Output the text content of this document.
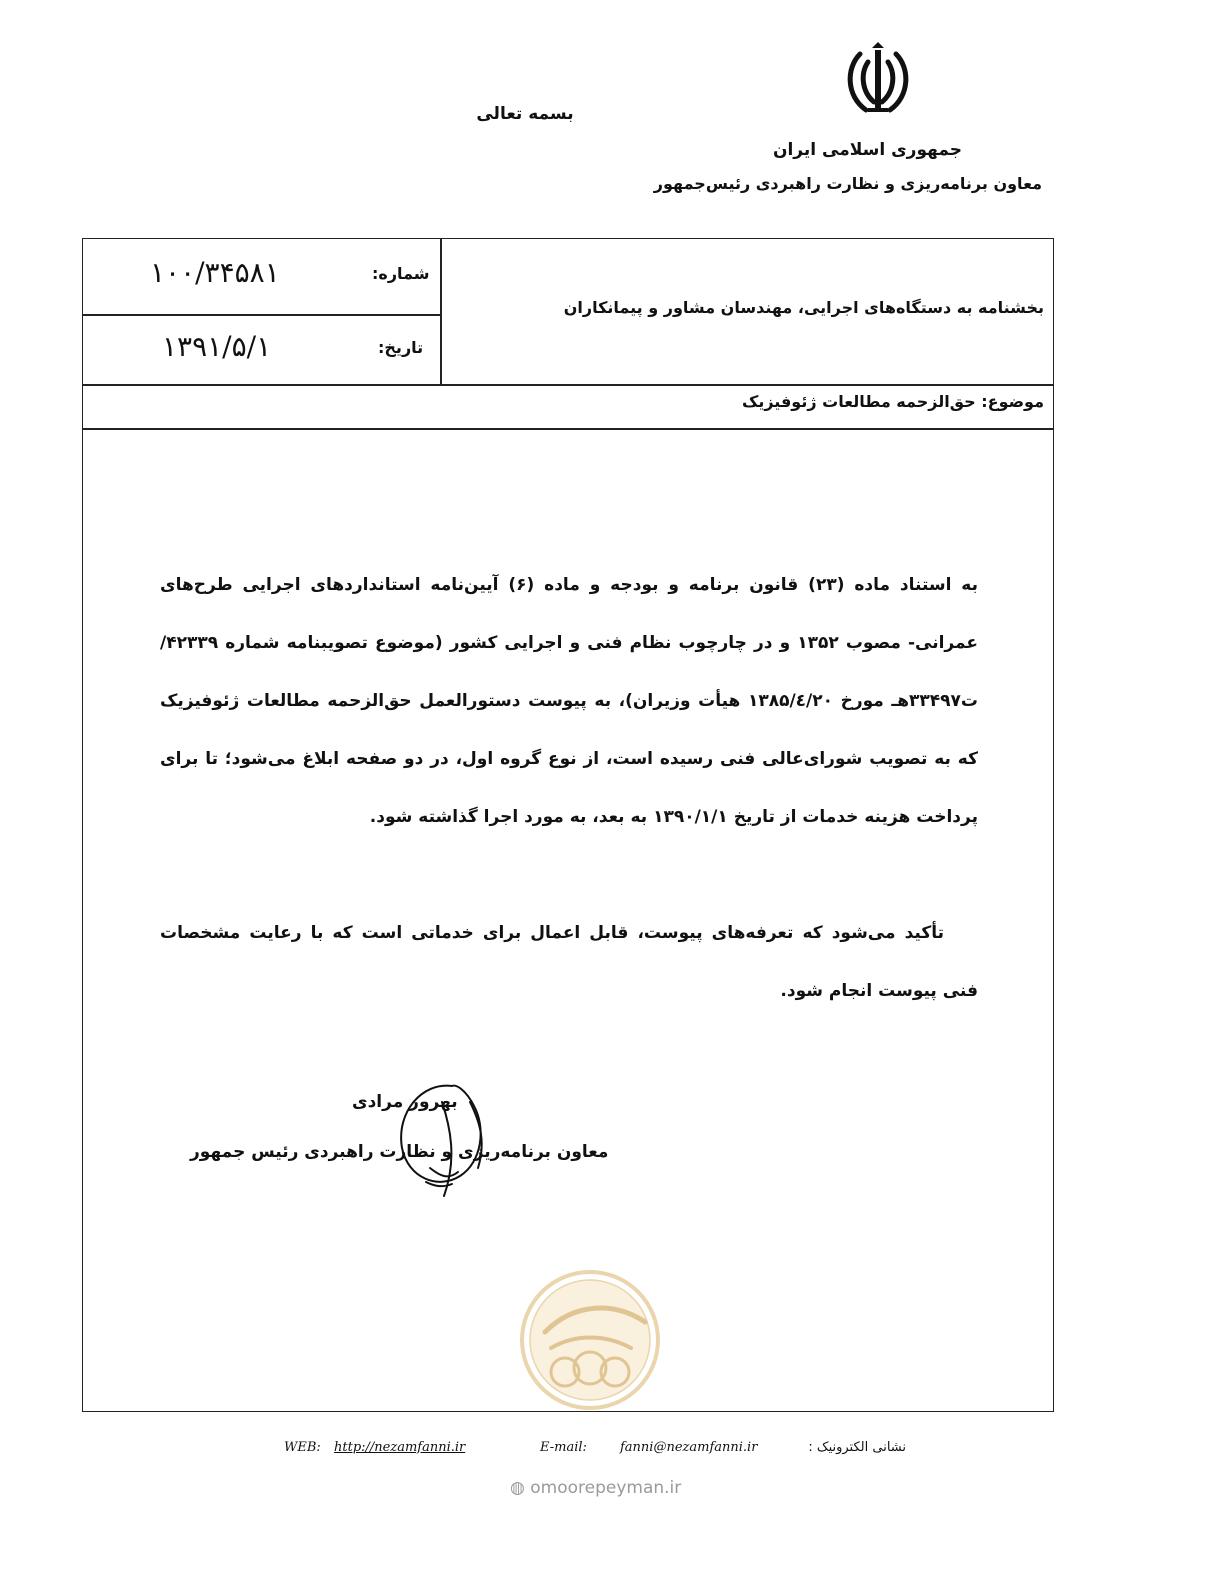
بسمه تعالی
جمهوری اسلامی ایران
معاون برنامه‌ریزی و نظارت راهبردی رئیس‌جمهور
شماره:
۱۰۰/۳۴۵۸۱
تاریخ:
۱۳۹۱/۵/۱
بخشنامه به دستگاه‌های اجرایی، مهندسان مشاور و پیمانکاران
موضوع: حق‌الزحمه مطالعات ژئوفیزیک
به استناد ماده (۲۳) قانون برنامه و بودجه و ماده (۶) آیین‌نامه استانداردهای اجرایی طرح‌های عمرانی- مصوب ۱۳۵۲ و در چارچوب نظام فنی و اجرایی کشور (موضوع تصویبنامه شماره ۴۲۳۳۹/ت۳۳۴۹۷هـ مورخ ۱۳۸۵/٤/۲۰ هیأت وزیران)، به پیوست دستورالعمل حق‌الزحمه مطالعات ژئوفیزیک که به تصویب شورای‌عالی فنی رسیده است، از نوع گروه اول، در دو صفحه ابلاغ می‌شود؛ تا برای پرداخت هزینه خدمات از تاریخ ۱۳۹۰/۱/۱ به بعد، به مورد اجرا گذاشته شود.
تأکید می‌شود که تعرفه‌های پیوست، قابل اعمال برای خدماتی است که با رعایت مشخصات فنی پیوست انجام شود.
بهروز مرادی
معاون برنامه‌ریزی و نظارت راهبردی رئیس جمهور
نشانی الکترونیک :
E-mail:	fanni@nezamfanni.ir
WEB: http://nezamfanni.ir
◍ omoorepeyman.ir
